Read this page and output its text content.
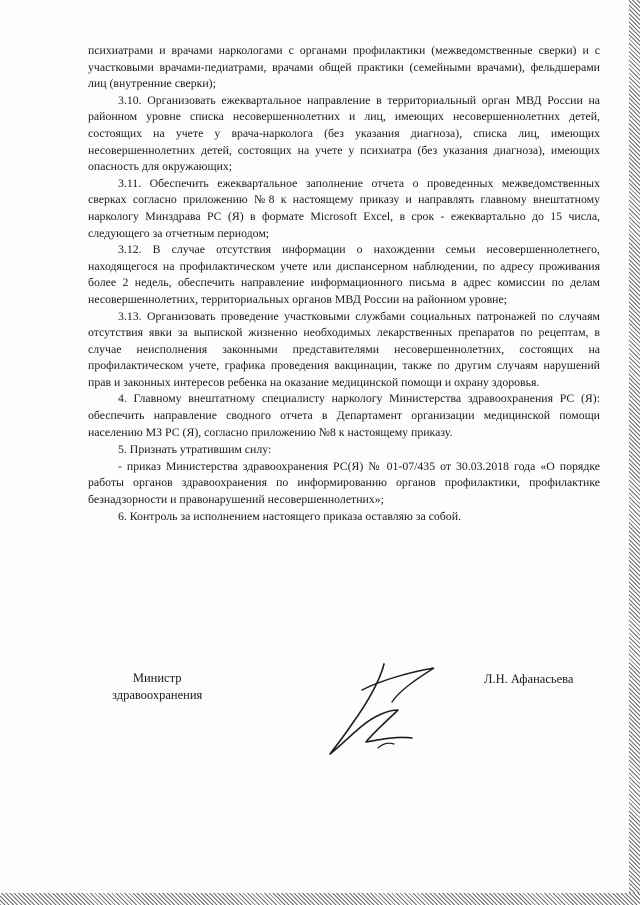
психиатрами и врачами наркологами с органами профилактики (межведомственные сверки) и с участковыми врачами-педиатрами, врачами общей практики (семейными врачами), фельдшерами лиц (внутренние сверки);

3.10. Организовать ежеквартальное направление в территориальный орган МВД России на районном уровне списка несовершеннолетних и лиц, имеющих несовершеннолетних детей, состоящих на учете у врача-нарколога (без указания диагноза), списка лиц, имеющих несовершеннолетних детей, состоящих на учете у психиатра (без указания диагноза), имеющих опасность для окружающих;

3.11. Обеспечить ежеквартальное заполнение отчета о проведенных межведомственных сверках согласно приложению №8 к настоящему приказу и направлять главному внештатному наркологу Минздрава РС (Я) в формате Microsoft Excel, в срок - ежеквартально до 15 числа, следующего за отчетным периодом;

3.12. В случае отсутствия информации о нахождении семьи несовершеннолетнего, находящегося на профилактическом учете или диспансерном наблюдении, по адресу проживания более 2 недель, обеспечить направление информационного письма в адрес комиссии по делам несовершеннолетних, территориальных органов МВД России на районном уровне;

3.13. Организовать проведение участковыми службами социальных патронажей по случаям отсутствия явки за выпиской жизненно необходимых лекарственных препаратов по рецептам, в случае неисполнения законными представителями несовершеннолетних, состоящих на профилактическом учете, графика проведения вакцинации, также по другим случаям нарушений прав и законных интересов ребенка на оказание медицинской помощи и охрану здоровья.

4. Главному внештатному специалисту наркологу Министерства здравоохранения РС (Я): обеспечить направление сводного отчета в Департамент организации медицинской помощи населению МЗ РС (Я), согласно приложению №8 к настоящему приказу.

5. Признать утратившим силу:

- приказ Министерства здравоохранения РС(Я) № 01-07/435 от 30.03.2018 года «О порядке работы органов здравоохранения по информированию органов профилактики, профилактике безнадзорности и правонарушений несовершеннолетних»;

6. Контроль за исполнением настоящего приказа оставляю за собой.

Министр
здравоохранения
Л.Н. Афанасьева
